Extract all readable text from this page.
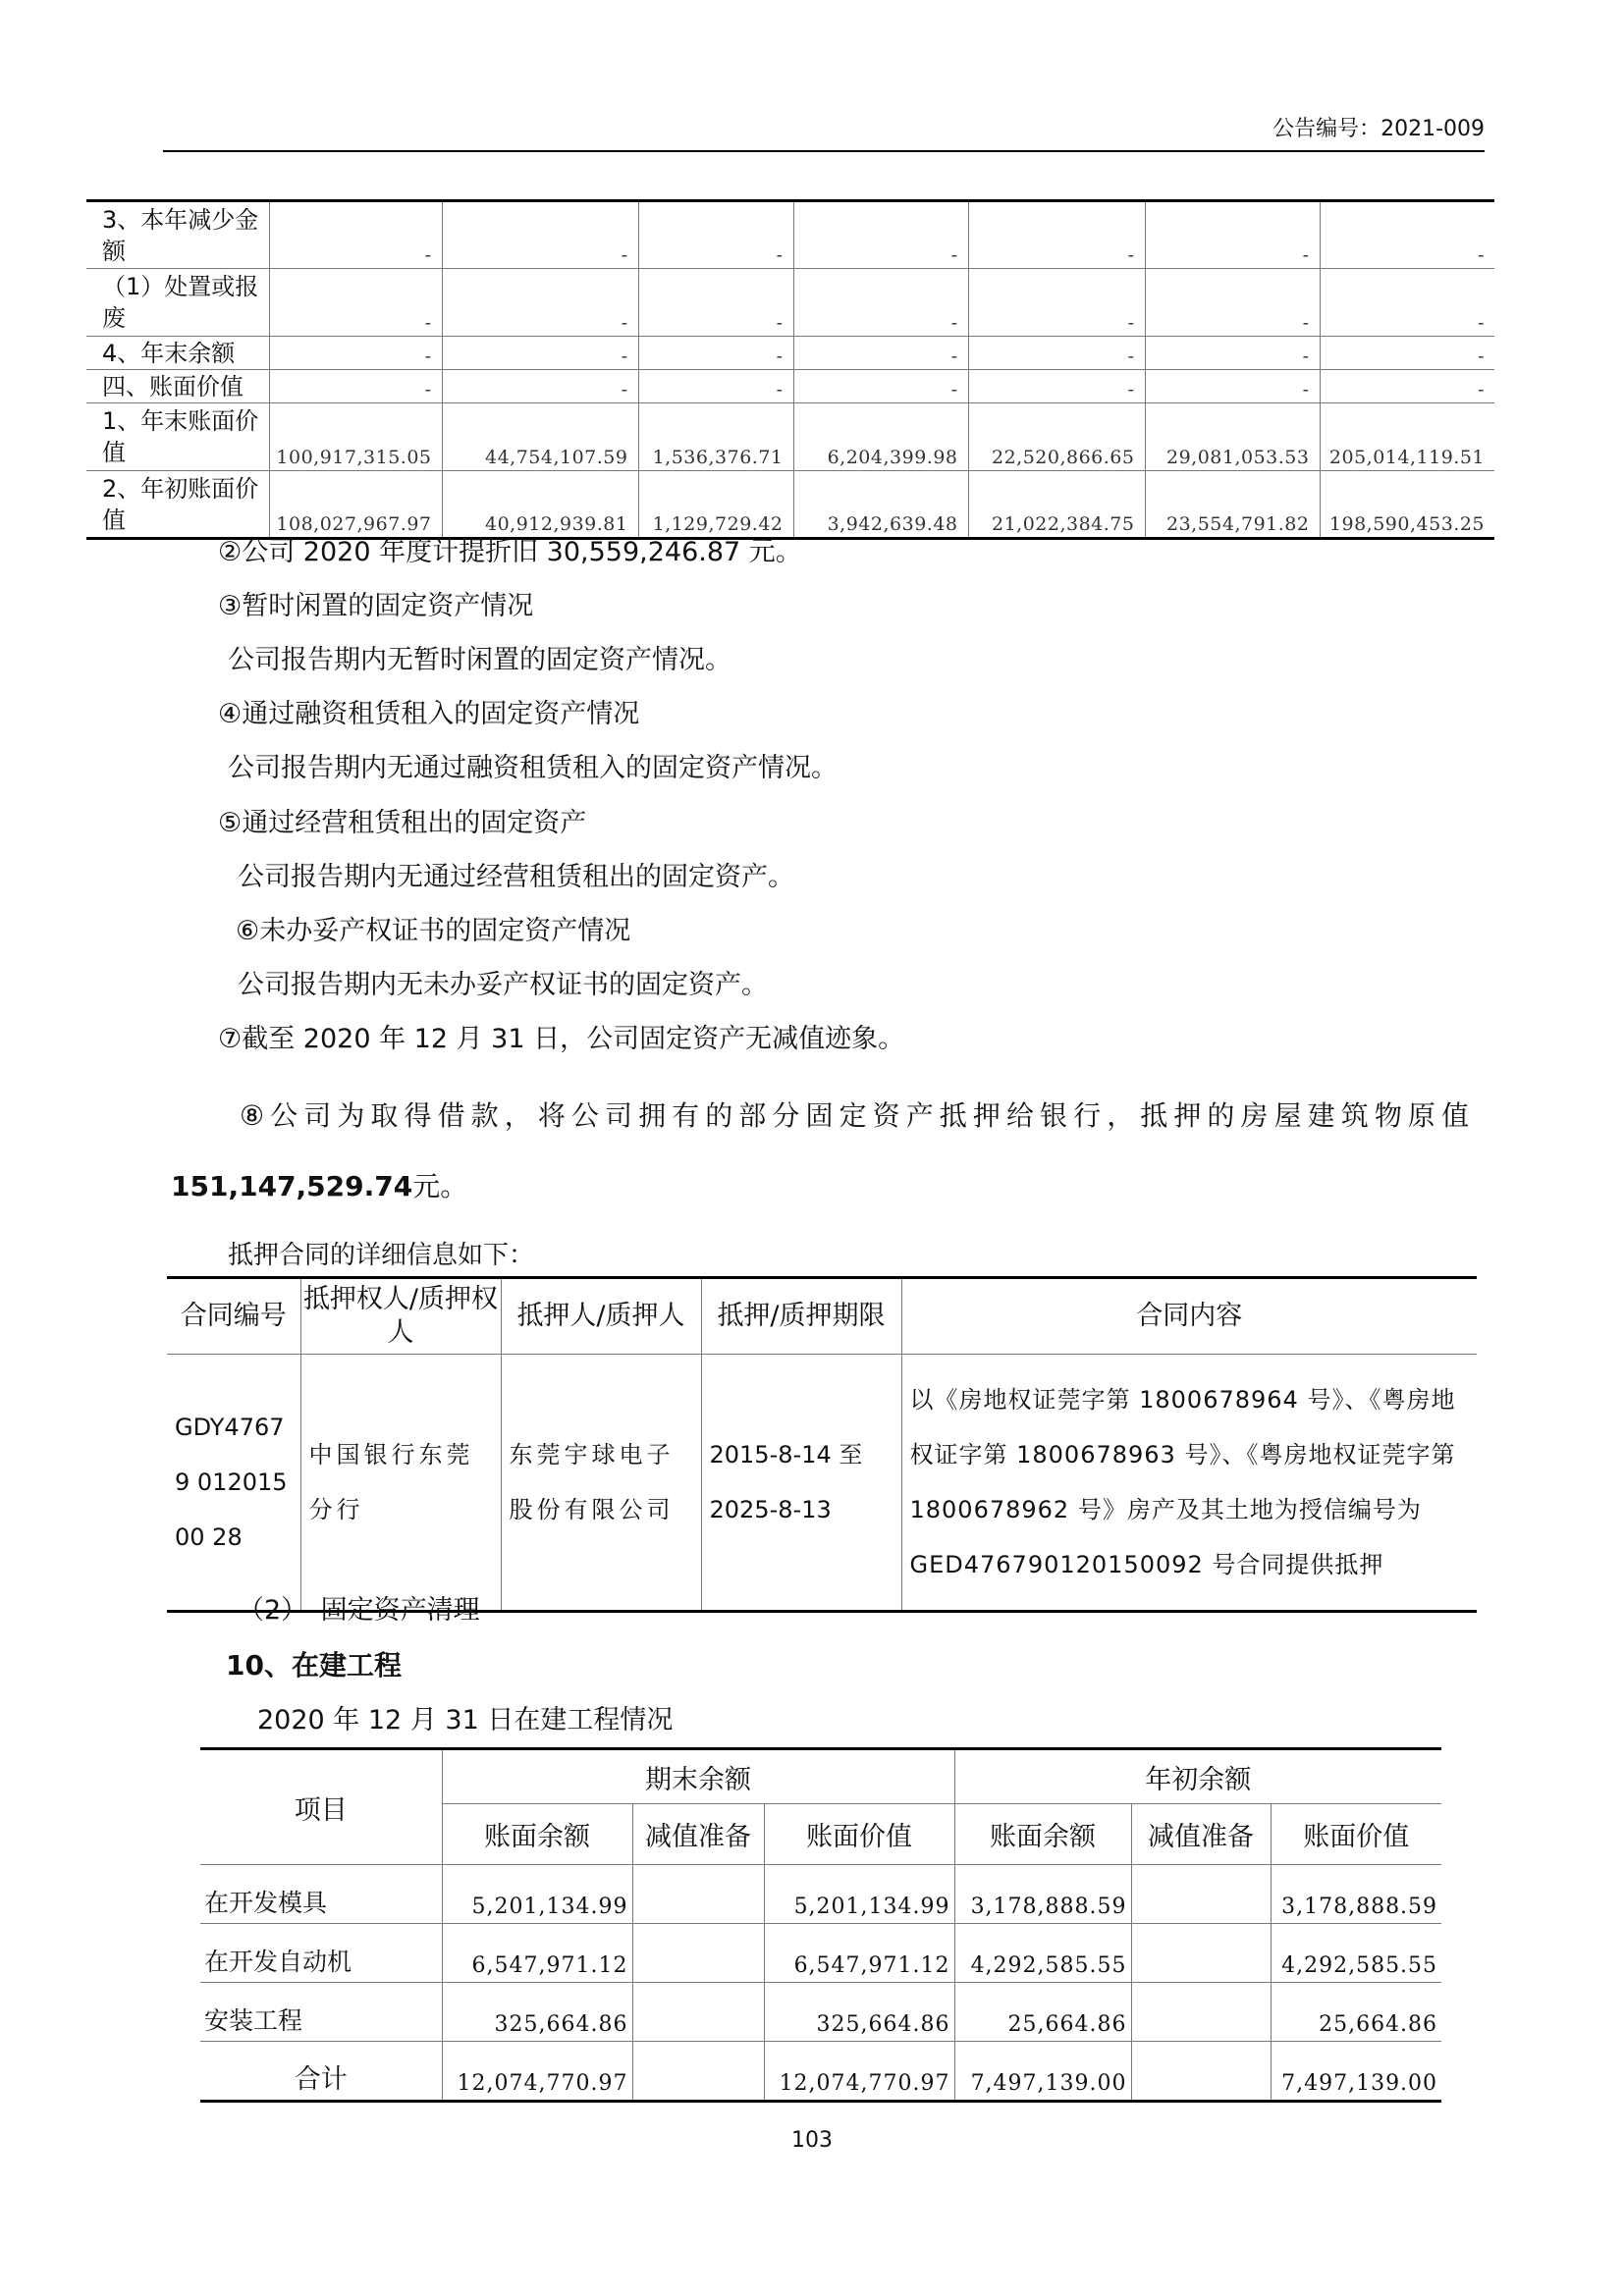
公告编号：2021-009
3、本年减少金额	-	-	-	-	-	-	-
（1）处置或报废	-	-	-	-	-	-	-
4、年末余额	-	-	-	-	-	-	-
四、账面价值	-	-	-	-	-	-	-
1、年末账面价值	100,917,315.05	44,754,107.59	1,536,376.71	6,204,399.98	22,520,866.65	29,081,053.53	205,014,119.51
2、年初账面价值	108,027,967.97	40,912,939.81	1,129,729.42	3,942,639.48	21,022,384.75	23,554,791.82	198,590,453.25
②公司 2020 年度计提折旧 30,559,246.87 元。
③暂时闲置的固定资产情况
公司报告期内无暂时闲置的固定资产情况。
④通过融资租赁租入的固定资产情况
公司报告期内无通过融资租赁租入的固定资产情况。
⑤通过经营租赁租出的固定资产
公司报告期内无通过经营租赁租出的固定资产。
⑥未办妥产权证书的固定资产情况
公司报告期内无未办妥产权证书的固定资产。
⑦截至 2020 年 12 月 31 日，公司固定资产无减值迹象。
⑧公司为取得借款，将公司拥有的部分固定资产抵押给银行，抵押的房屋建筑物原值
151,147,529.74元。
抵押合同的详细信息如下：
合同编号	抵押权人/质押权人	抵押人/质押人	抵押/质押期限	合同内容
GDY47679 01201500 28	中国银行东莞分行	东莞宇球电子股份有限公司	2015-8-14 至 2025-8-13	以《房地权证莞字第 1800678964 号》、《粤房地权证字第 1800678963 号》、《粤房地权证莞字第 1800678962 号》房产及其土地为授信编号为 GED476790120150092 号合同提供抵押
（2）　固定资产清理
10、在建工程
2020 年 12 月 31 日在建工程情况
项目	期末余额			年初余额		
	账面余额	减值准备	账面价值	账面余额	减值准备	账面价值
在开发模具	5,201,134.99		5,201,134.99	3,178,888.59		3,178,888.59
在开发自动机	6,547,971.12		6,547,971.12	4,292,585.55		4,292,585.55
安装工程	325,664.86		325,664.86	25,664.86		25,664.86
合计	12,074,770.97		12,074,770.97	7,497,139.00		7,497,139.00
103
